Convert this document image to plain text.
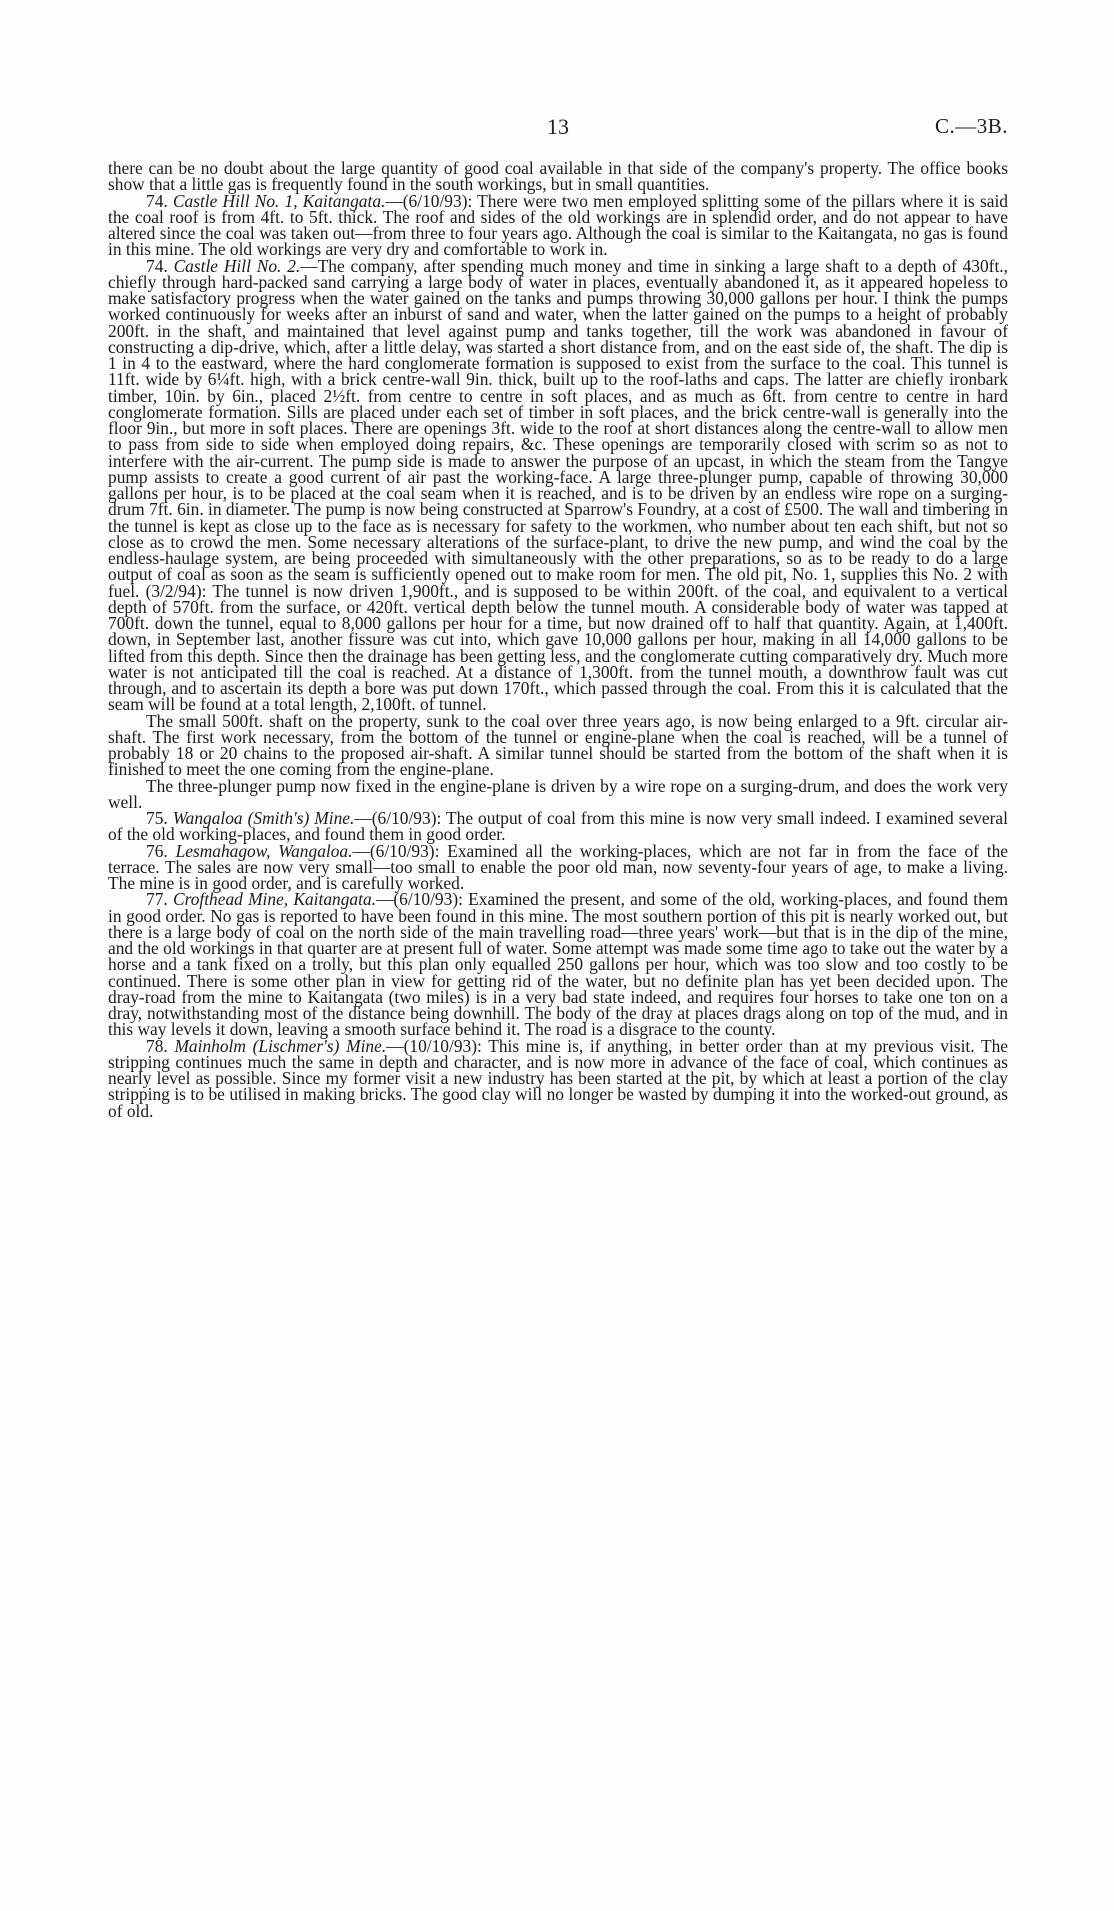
13	C.—3B.

there can be no doubt about the large quantity of good coal available in that side of the company's property. The office books show that a little gas is frequently found in the south workings, but in small quantities.

74. Castle Hill No. 1, Kaitangata.—(6/10/93): There were two men employed splitting some of the pillars where it is said the coal roof is from 4ft. to 5ft. thick. The roof and sides of the old workings are in splendid order, and do not appear to have altered since the coal was taken out—from three to four years ago. Although the coal is similar to the Kaitangata, no gas is found in this mine. The old workings are very dry and comfortable to work in.

74. Castle Hill No. 2.—The company, after spending much money and time in sinking a large shaft to a depth of 430ft., chiefly through hard-packed sand carrying a large body of water in places, eventually abandoned it, as it appeared hopeless to make satisfactory progress when the water gained on the tanks and pumps throwing 30,000 gallons per hour. I think the pumps worked continuously for weeks after an inburst of sand and water, when the latter gained on the pumps to a height of probably 200ft. in the shaft, and maintained that level against pump and tanks together, till the work was abandoned in favour of constructing a dip-drive, which, after a little delay, was started a short distance from, and on the east side of, the shaft. The dip is 1 in 4 to the eastward, where the hard conglomerate formation is supposed to exist from the surface to the coal. This tunnel is 11ft. wide by 6¼ft. high, with a brick centre-wall 9in. thick, built up to the roof-laths and caps. The latter are chiefly ironbark timber, 10in. by 6in., placed 2½ft. from centre to centre in soft places, and as much as 6ft. from centre to centre in hard conglomerate formation. Sills are placed under each set of timber in soft places, and the brick centre-wall is generally into the floor 9in., but more in soft places. There are openings 3ft. wide to the roof at short distances along the centre-wall to allow men to pass from side to side when employed doing repairs, &c. These openings are temporarily closed with scrim so as not to interfere with the air-current. The pump side is made to answer the purpose of an upcast, in which the steam from the Tangye pump assists to create a good current of air past the working-face. A large three-plunger pump, capable of throwing 30,000 gallons per hour, is to be placed at the coal seam when it is reached, and is to be driven by an endless wire rope on a surging-drum 7ft. 6in. in diameter. The pump is now being constructed at Sparrow's Foundry, at a cost of £500. The wall and timbering in the tunnel is kept as close up to the face as is necessary for safety to the workmen, who number about ten each shift, but not so close as to crowd the men. Some necessary alterations of the surface-plant, to drive the new pump, and wind the coal by the endless-haulage system, are being proceeded with simultaneously with the other preparations, so as to be ready to do a large output of coal as soon as the seam is sufficiently opened out to make room for men. The old pit, No. 1, supplies this No. 2 with fuel. (3/2/94): The tunnel is now driven 1,900ft., and is supposed to be within 200ft. of the coal, and equivalent to a vertical depth of 570ft. from the surface, or 420ft. vertical depth below the tunnel mouth. A considerable body of water was tapped at 700ft. down the tunnel, equal to 8,000 gallons per hour for a time, but now drained off to half that quantity. Again, at 1,400ft. down, in September last, another fissure was cut into, which gave 10,000 gallons per hour, making in all 14,000 gallons to be lifted from this depth. Since then the drainage has been getting less, and the conglomerate cutting comparatively dry. Much more water is not anticipated till the coal is reached. At a distance of 1,300ft. from the tunnel mouth, a downthrow fault was cut through, and to ascertain its depth a bore was put down 170ft., which passed through the coal. From this it is calculated that the seam will be found at a total length, 2,100ft. of tunnel.

The small 500ft. shaft on the property, sunk to the coal over three years ago, is now being enlarged to a 9ft. circular air-shaft. The first work necessary, from the bottom of the tunnel or engine-plane when the coal is reached, will be a tunnel of probably 18 or 20 chains to the proposed air-shaft. A similar tunnel should be started from the bottom of the shaft when it is finished to meet the one coming from the engine-plane.

The three-plunger pump now fixed in the engine-plane is driven by a wire rope on a surging-drum, and does the work very well.

75. Wangaloa (Smith's) Mine.—(6/10/93): The output of coal from this mine is now very small indeed. I examined several of the old working-places, and found them in good order.

76. Lesmahagow, Wangaloa.—(6/10/93): Examined all the working-places, which are not far in from the face of the terrace. The sales are now very small—too small to enable the poor old man, now seventy-four years of age, to make a living. The mine is in good order, and is carefully worked.

77. Crofthead Mine, Kaitangata.—(6/10/93): Examined the present, and some of the old, working-places, and found them in good order. No gas is reported to have been found in this mine. The most southern portion of this pit is nearly worked out, but there is a large body of coal on the north side of the main travelling road—three years' work—but that is in the dip of the mine, and the old workings in that quarter are at present full of water. Some attempt was made some time ago to take out the water by a horse and a tank fixed on a trolly, but this plan only equalled 250 gallons per hour, which was too slow and too costly to be continued. There is some other plan in view for getting rid of the water, but no definite plan has yet been decided upon. The dray-road from the mine to Kaitangata (two miles) is in a very bad state indeed, and requires four horses to take one ton on a dray, notwithstanding most of the distance being downhill. The body of the dray at places drags along on top of the mud, and in this way levels it down, leaving a smooth surface behind it. The road is a disgrace to the county.

78. Mainholm (Lischmer's) Mine.—(10/10/93): This mine is, if anything, in better order than at my previous visit. The stripping continues much the same in depth and character, and is now more in advance of the face of coal, which continues as nearly level as possible. Since my former visit a new industry has been started at the pit, by which at least a portion of the clay stripping is to be utilised in making bricks. The good clay will no longer be wasted by dumping it into the worked-out ground, as of old.
